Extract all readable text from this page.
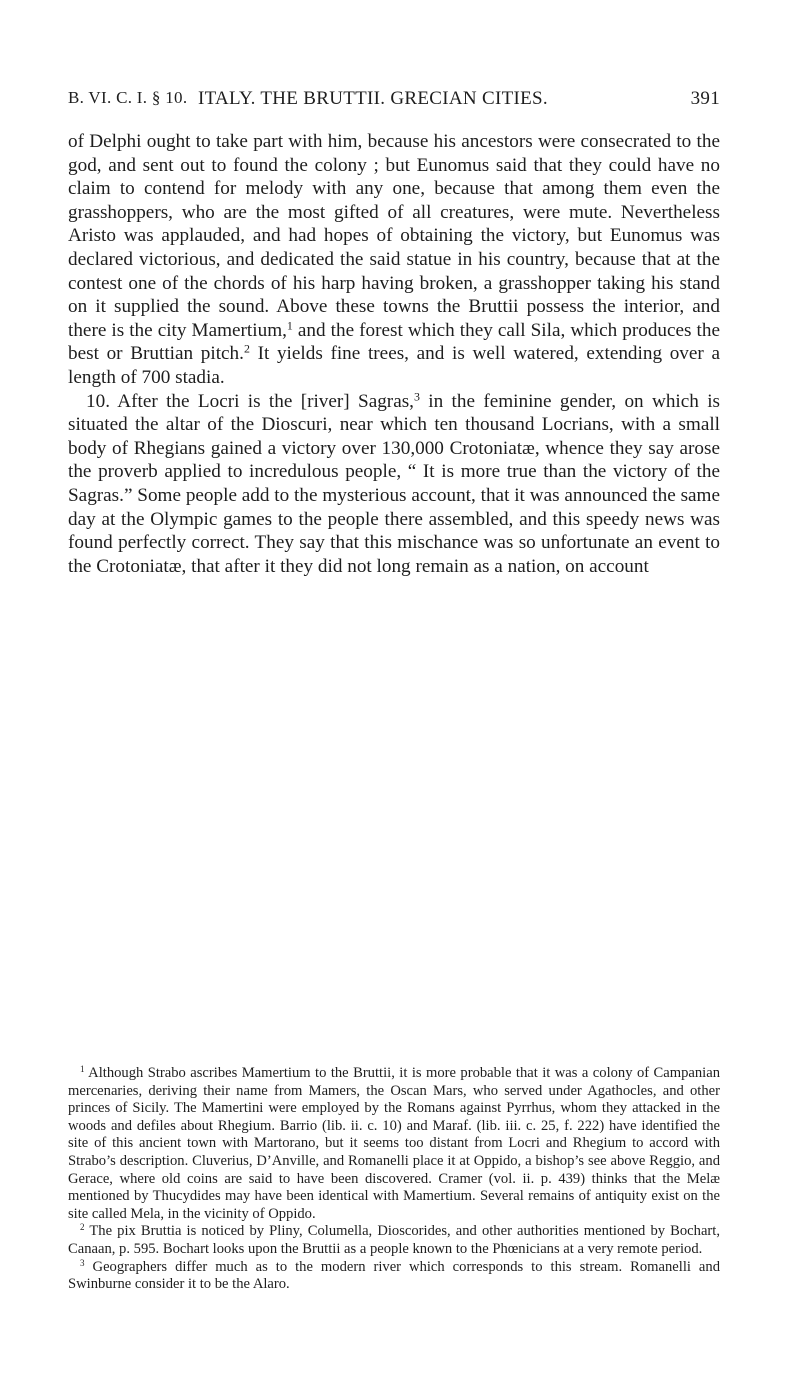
B. VI. C. I. § 10. ITALY. THE BRUTTII. GRECIAN CITIES.	391

of Delphi ought to take part with him, because his ancestors were consecrated to the god, and sent out to found the colony ; but Eunomus said that they could have no claim to contend for melody with any one, because that among them even the grasshoppers, who are the most gifted of all creatures, were mute. Nevertheless Aristo was applauded, and had hopes of obtaining the victory, but Eunomus was declared victorious, and dedicated the said statue in his country, because that at the contest one of the chords of his harp having broken, a grasshopper taking his stand on it supplied the sound. Above these towns the Bruttii possess the interior, and there is the city Mamertium,$^1$ and the forest which they call Sila, which produces the best or Bruttian pitch.$^2$ It yields fine trees, and is well watered, extending over a length of 700 stadia.

10. After the Locri is the [river] Sagras,$^3$ in the feminine gender, on which is situated the altar of the Dioscuri, near which ten thousand Locrians, with a small body of Rhegians gained a victory over 130,000 Crotoniatæ, whence they say arose the proverb applied to incredulous people, “ It is more true than the victory of the Sagras.” Some people add to the mysterious account, that it was announced the same day at the Olympic games to the people there assembled, and this speedy news was found perfectly correct. They say that this mischance was so unfortunate an event to the Crotoniatæ, that after it they did not long remain as a nation, on account

$^1$ Although Strabo ascribes Mamertium to the Bruttii, it is more probable that it was a colony of Campanian mercenaries, deriving their name from Mamers, the Oscan Mars, who served under Agathocles, and other princes of Sicily. The Mamertini were employed by the Romans against Pyrrhus, whom they attacked in the woods and defiles about Rhegium. Barrio (lib. ii. c. 10) and Maraf. (lib. iii. c. 25, f. 222) have identified the site of this ancient town with Martorano, but it seems too distant from Locri and Rhegium to accord with Strabo’s description. Cluverius, D’Anville, and Romanelli place it at Oppido, a bishop’s see above Reggio, and Gerace, where old coins are said to have been discovered. Cramer (vol. ii. p. 439) thinks that the Melæ mentioned by Thucydides may have been identical with Mamertium. Several remains of antiquity exist on the site called Mela, in the vicinity of Oppido.

$^2$ The pix Bruttia is noticed by Pliny, Columella, Dioscorides, and other authorities mentioned by Bochart, Canaan, p. 595. Bochart looks upon the Bruttii as a people known to the Phœnicians at a very remote period.

$^3$ Geographers differ much as to the modern river which corresponds to this stream. Romanelli and Swinburne consider it to be the Alaro.
